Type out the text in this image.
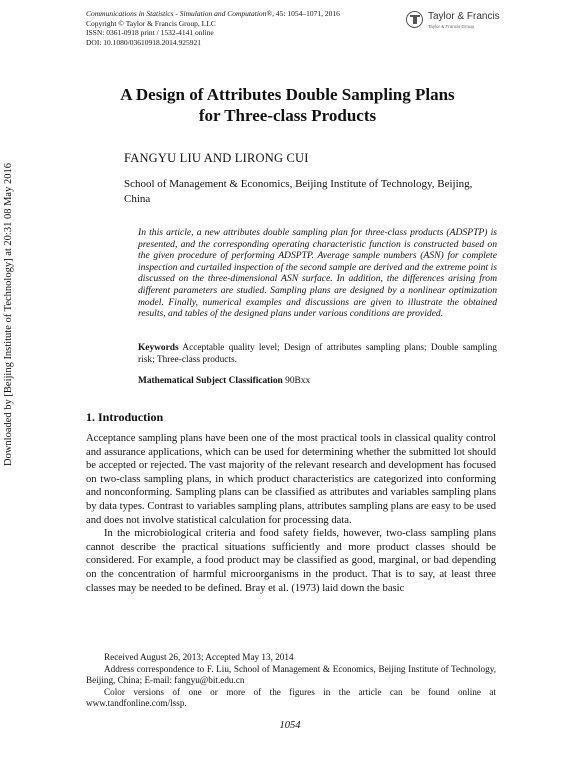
Downloaded by [Beijing Institute of Technology] at 20:31 08 May 2016
Communications in Statistics - Simulation and Computation®, 45: 1054–1071, 2016
Copyright © Taylor & Francis Group, LLC
ISSN: 0361-0918 print / 1532-4141 online
DOI: 10.1080/03610918.2014.925921
Taylor & Francis
Taylor & Francis Group
A Design of Attributes Double Sampling Plans
for Three-class Products
FANGYU LIU AND LIRONG CUI
School of Management & Economics, Beijing Institute of Technology, Beijing, China
In this article, a new attributes double sampling plan for three-class products (ADSPTP) is presented, and the corresponding operating characteristic function is constructed based on the given procedure of performing ADSPTP. Average sample numbers (ASN) for complete inspection and curtailed inspection of the second sample are derived and the extreme point is discussed on the three-dimensional ASN surface. In addition, the differences arising from different parameters are studied. Sampling plans are designed by a nonlinear optimization model. Finally, numerical examples and discussions are given to illustrate the obtained results, and tables of the designed plans under various conditions are provided.
Keywords Acceptable quality level; Design of attributes sampling plans; Double sampling risk; Three-class products.
Mathematical Subject Classification 90Bxx
1. Introduction

Acceptance sampling plans have been one of the most practical tools in classical quality control and assurance applications, which can be used for determining whether the submitted lot should be accepted or rejected. The vast majority of the relevant research and development has focused on two-class sampling plans, in which product characteristics are categorized into conforming and nonconforming. Sampling plans can be classified as attributes and variables sampling plans by data types. Contrast to variables sampling plans, attributes sampling plans are easy to be used and does not involve statistical calculation for processing data.

In the microbiological criteria and food safety fields, however, two-class sampling plans cannot describe the practical situations sufficiently and more product classes should be considered. For example, a food product may be classified as good, marginal, or bad depending on the concentration of harmful microorganisms in the product. That is to say, at least three classes may be needed to be defined. Bray et al. (1973) laid down the basic

Received August 26, 2013; Accepted May 13, 2014

Address correspondence to F. Liu, School of Management & Economics, Beijing Institute of Technology, Beijing, China; E-mail: fangyu@bit.edu.cn

Color versions of one or more of the figures in the article can be found online at www.tandfonline.com/lssp.

1054
